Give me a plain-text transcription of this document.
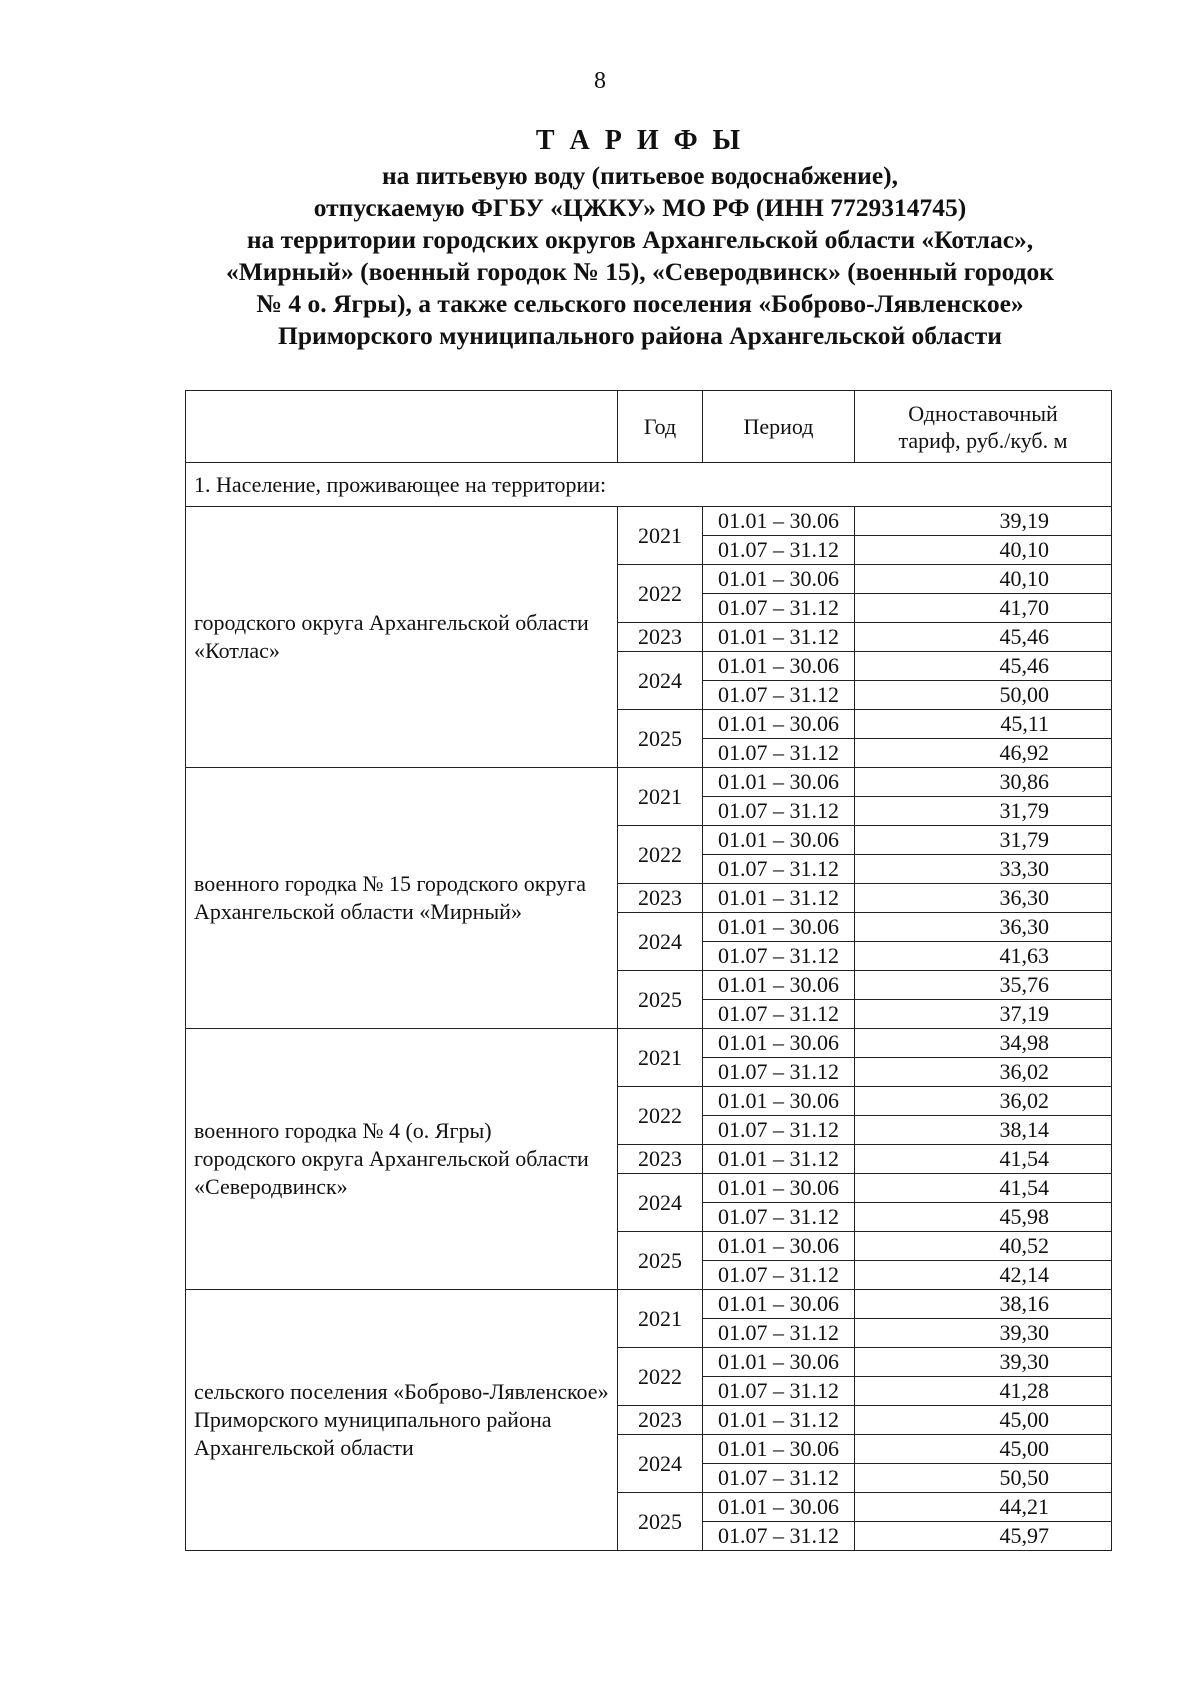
8
Т А Р И Ф Ы
на питьевую воду (питьевое водоснабжение),
отпускаемую ФГБУ «ЦЖКУ» МО РФ (ИНН 7729314745)
на территории городских округов Архангельской области «Котлас»,
«Мирный» (военный городок № 15), «Северодвинск» (военный городок
№ 4 о. Ягры), а также сельского поселения «Боброво-Лявленское»
Приморского муниципального района Архангельской области
	Год	Период	Одноставочный
тариф, руб./куб. м
1. Население, проживающее на территории:			
городского округа Архангельской области
«Котлас»	2021	01.01 – 30.06	39,19
		01.07 – 31.12	40,10
	2022	01.01 – 30.06	40,10
		01.07 – 31.12	41,70
	2023	01.01 – 31.12	45,46
	2024	01.01 – 30.06	45,46
		01.07 – 31.12	50,00
	2025	01.01 – 30.06	45,11
		01.07 – 31.12	46,92
военного городка № 15 городского округа
Архангельской области «Мирный»	2021	01.01 – 30.06	30,86
		01.07 – 31.12	31,79
	2022	01.01 – 30.06	31,79
		01.07 – 31.12	33,30
	2023	01.01 – 31.12	36,30
	2024	01.01 – 30.06	36,30
		01.07 – 31.12	41,63
	2025	01.01 – 30.06	35,76
		01.07 – 31.12	37,19
военного городка № 4 (о. Ягры)
городского округа Архангельской области
«Северодвинск»	2021	01.01 – 30.06	34,98
		01.07 – 31.12	36,02
	2022	01.01 – 30.06	36,02
		01.07 – 31.12	38,14
	2023	01.01 – 31.12	41,54
	2024	01.01 – 30.06	41,54
		01.07 – 31.12	45,98
	2025	01.01 – 30.06	40,52
		01.07 – 31.12	42,14
сельского поселения «Боброво-Лявленское»
Приморского муниципального района
Архангельской области	2021	01.01 – 30.06	38,16
		01.07 – 31.12	39,30
	2022	01.01 – 30.06	39,30
		01.07 – 31.12	41,28
	2023	01.01 – 31.12	45,00
	2024	01.01 – 30.06	45,00
		01.07 – 31.12	50,50
	2025	01.01 – 30.06	44,21
		01.07 – 31.12	45,97
